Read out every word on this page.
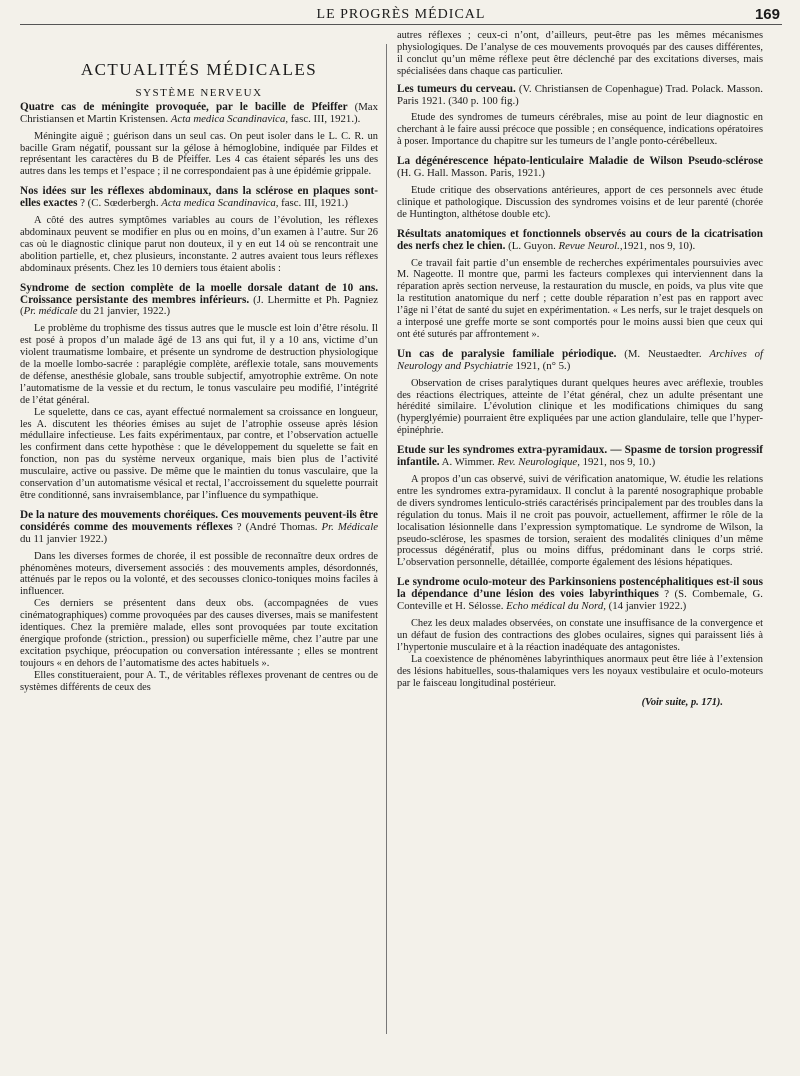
LE PROGRÈS MÉDICAL	169
ACTUALITÉS MÉDICALES
SYSTÈME NERVEUX
Quatre cas de méningite provoquée, par le bacille de Pfeiffer (Max Christiansen et Martin Kristensen. Acta medica Scandinavica, fasc. III, 1921.).

Méningite aiguë ; guérison dans un seul cas. On peut isoler dans le L. C. R. un bacille Gram négatif, poussant sur la gélose à hémoglobine, indiquée par Fildes et représentant les caractères du B de Pfeiffer. Les 4 cas étaient séparés les uns des autres dans les temps et l’espace ; il ne correspondaient pas à une épidémie grippale.

Nos idées sur les réflexes abdominaux, dans la sclérose en plaques sont-elles exactes ? (C. Sœderbergh. Acta medica Scandinavica, fasc. III, 1921.)

A côté des autres symptômes variables au cours de l’évolution, les réflexes abdominaux peuvent se modifier en plus ou en moins, d’un examen à l’autre. Sur 26 cas où le diagnostic clinique parut non douteux, il y en eut 14 où se rencontrait une abolition partielle, et, chez plusieurs, inconstante. 2 autres avaient tous leurs réflexes abdominaux présents. Chez les 10 derniers tous étaient abolis :

Syndrome de section complète de la moelle dorsale datant de 10 ans. Croissance persistante des membres inférieurs. (J. Lhermitte et Ph. Pagniez (Pr. médicale du 21 janvier, 1922.)

Le problème du trophisme des tissus autres que le muscle est loin d’être résolu. Il est posé à propos d’un malade âgé de 13 ans qui fut, il y a 10 ans, victime d’un violent traumatisme lombaire, et présente un syndrome de destruction physiologique de la moelle lombo-sacrée : paraplégie complète, aréflexie totale, sans mouvements de défense, anesthésie globale, sans trouble subjectif, amyotrophie extrême. On note l’automatisme de la vessie et du rectum, le tonus vasculaire peu modifié, l’intégrité de l’état général.

Le squelette, dans ce cas, ayant effectué normalement sa croissance en longueur, les A. discutent les théories émises au sujet de l’atrophie osseuse après lésion médullaire infectieuse. Les faits expérimentaux, par contre, et l’observation actuelle les confirment dans cette hypothèse : que le développement du squelette se fait en fonction, non pas du système nerveux organique, mais bien plus de l’activité musculaire, active ou passive. De même que le maintien du tonus vasculaire, que la conservation d’un automatisme vésical et rectal, l’accroissement du squelette pourrait être conditionné, sans invraisemblance, par l’influence du sympathique.

De la nature des mouvements choréiques. Ces mouvements peuvent-ils être considérés comme des mouvements réflexes ? (André Thomas. Pr. Médicale du 11 janvier 1922.)

Dans les diverses formes de chorée, il est possible de reconnaître deux ordres de phénomènes moteurs, diversement associés : des mouvements amples, désordonnés, atténués par le repos ou la volonté, et des secousses clonico-toniques moins faciles à influencer.

Ces derniers se présentent dans deux obs. (accompagnées de vues cinématographiques) comme provoquées par des causes diverses, mais se manifestent identiques. Chez la première malade, elles sont provoquées par toute excitation énergique profonde (striction., pression) ou superficielle même, chez l’autre par une excitation psychique, préocupation ou conversation intéressante ; elles se montrent toujours « en dehors de l’automatisme des actes habituels ».

Elles constitueraient, pour A. T., de véritables réflexes provenant de centres ou de systèmes différents de ceux des

autres réflexes ; ceux-ci n’ont, d’ailleurs, peut-être pas les mêmes mécanismes physiologiques. De l’analyse de ces mouvements provoqués par des causes différentes, il conclut qu’un même réflexe peut être déclenché par des excitations diverses, mais spécialisées dans chaque cas particulier.

Les tumeurs du cerveau. (V. Christiansen de Copenhague) Trad. Polack. Masson. Paris 1921. (340 p. 100 fig.)

Etude des syndromes de tumeurs cérébrales, mise au point de leur diagnostic en cherchant à le faire aussi précoce que possible ; en conséquence, indications opératoires à poser. Importance du chapitre sur les tumeurs de l’angle ponto-cérébelleux.

La dégénérescence hépato-lenticulaire Maladie de Wilson Pseudo-sclérose (H. G. Hall. Masson. Paris, 1921.)

Etude critique des observations antérieures, apport de ces personnels avec étude clinique et pathologique. Discussion des syndromes voisins et de leur parenté (chorée de Huntington, althétose double etc).

Résultats anatomiques et fonctionnels observés au cours de la cicatrisation des nerfs chez le chien. (L. Guyon. Revue Neurol.,1921, nos 9, 10).

Ce travail fait partie d’un ensemble de recherches expérimentales poursuivies avec M. Nageotte. Il montre que, parmi les facteurs complexes qui interviennent dans la réparation après section nerveuse, la restauration du muscle, en poids, va plus vite que la restitution anatomique du nerf ; cette double réparation n’est pas en rapport avec l’âge ni l’état de santé du sujet en expérimentation. « Les nerfs, sur le trajet desquels on a interposé une greffe morte se sont comportés pour le moins aussi bien que ceux qui ont été suturés par affrontement ».

Un cas de paralysie familiale périodique. (M. Neustaedter. Archives of Neurology and Psychiatrie 1921, (n° 5.)

Observation de crises paralytiques durant quelques heures avec aréflexie, troubles des réactions électriques, atteinte de l’état général, chez un adulte présentant une hérédité similaire. L’évolution clinique et les modifications chimiques du sang (hyperglyémie) pourraient être expliquées par une action glandulaire, telle que l’hyper-épinéphrie.

Etude sur les syndromes extra-pyramidaux. — Spasme de torsion progressif infantile. A. Wimmer. Rev. Neurologique, 1921, nos 9, 10.)

A propos d’un cas observé, suivi de vérification anatomique, W. étudie les relations entre les syndromes extra-pyramidaux. Il conclut à la parenté nosographique probable de divers syndromes lenticulo-striés caractérisés principalement par des troubles dans la régulation du tonus. Mais il ne croit pas pouvoir, actuellement, affirmer le rôle de la localisation lésionnelle dans l’expression symptomatique. Le syndrome de Wilson, la pseudo-sclérose, les spasmes de torsion, seraient des modalités cliniques d’un même processus dégénératif, plus ou moins diffus, prédominant dans le corps strié. L’observation personnelle, détaillée, comporte également des lésions hépatiques.

Le syndrome oculo-moteur des Parkinsoniens postencéphalitiques est-il sous la dépendance d’une lésion des voies labyrinthiques ? (S. Combemale, G. Conteville et H. Sélosse. Echo médical du Nord, (14 janvier 1922.)

Chez les deux malades observées, on constate une insuffisance de la convergence et un défaut de fusion des contractions des globes oculaires, signes qui paraissent liés à l’hypertonie musculaire et à la réaction inadéquate des antagonistes.

La coexistence de phénomènes labyrinthiques anormaux peut être liée à l’extension des lésions habituelles, sous-thalamiques vers les noyaux vestibulaire et oculo-moteurs par le faisceau longitudinal postérieur.

(Voir suite, p. 171).
